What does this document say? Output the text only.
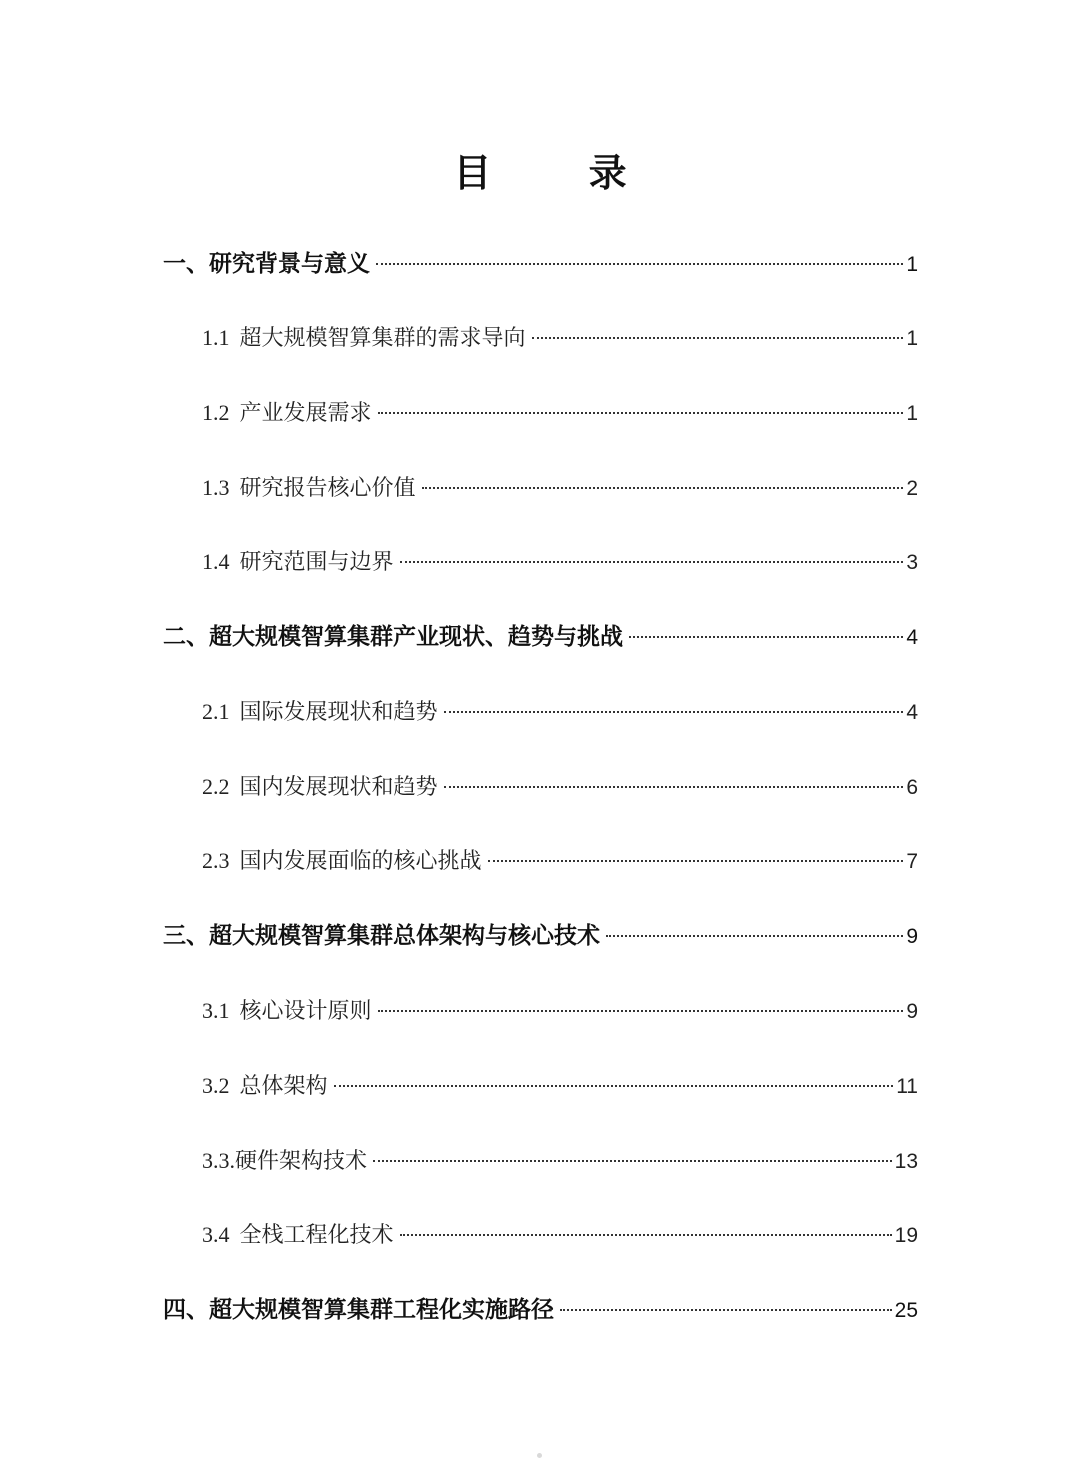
目 录
一、研究背景与意义	1
1.1 超大规模智算集群的需求导向	1
1.2 产业发展需求	1
1.3 研究报告核心价值	2
1.4 研究范围与边界	3
二、超大规模智算集群产业现状、趋势与挑战	4
2.1 国际发展现状和趋势	4
2.2 国内发展现状和趋势	6
2.3 国内发展面临的核心挑战	7
三、超大规模智算集群总体架构与核心技术	9
3.1 核心设计原则	9
3.2 总体架构	11
3.3.硬件架构技术	13
3.4 全栈工程化技术	19
四、超大规模智算集群工程化实施路径	25
